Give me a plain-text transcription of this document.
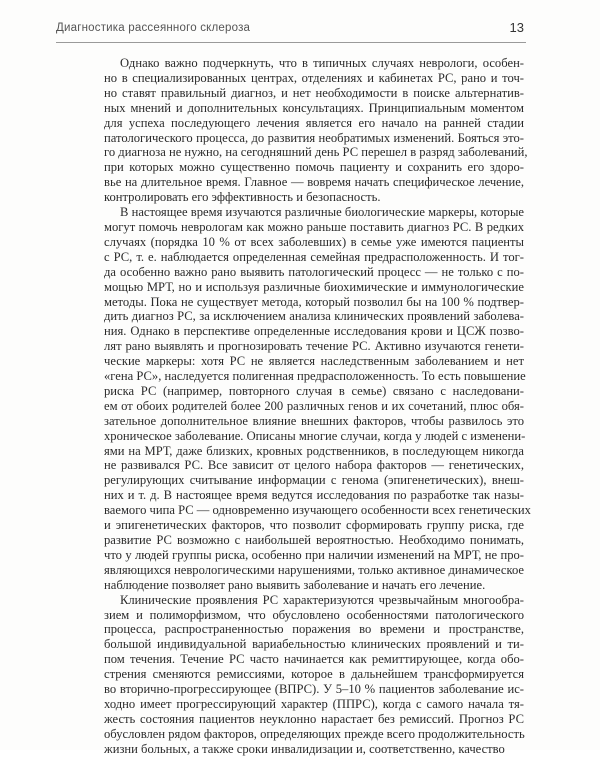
Диагностика рассеянного склероза	13

Однако важно подчеркнуть, что в типичных случаях неврологи, особен-
но в специализированных центрах, отделениях и кабинетах РС, рано и точ-
но ставят правильный диагноз, и нет необходимости в поиске альтернатив-
ных мнений и дополнительных консультациях. Принципиальным моментом
для успеха последующего лечения является его начало на ранней стадии
патологического процесса, до развития необратимых изменений. Бояться это-
го диагноза не нужно, на сегодняшний день РС перешел в разряд заболеваний,
при которых можно существенно помочь пациенту и сохранить его здоро-
вье на длительное время. Главное — вовремя начать специфическое лечение,
контролировать его эффективность и безопасность.

В настоящее время изучаются различные биологические маркеры, которые
могут помочь неврологам как можно раньше поставить диагноз РС. В редких
случаях (порядка 10 % от всех заболевших) в семье уже имеются пациенты
с РС, т. е. наблюдается определенная семейная предрасположенность. И тог-
да особенно важно рано выявить патологический процесс — не только с по-
мощью МРТ, но и используя различные биохимические и иммунологические
методы. Пока не существует метода, который позволил бы на 100 % подтвер-
дить диагноз РС, за исключением анализа клинических проявлений заболева-
ния. Однако в перспективе определенные исследования крови и ЦСЖ позво-
лят рано выявлять и прогнозировать течение РС. Активно изучаются генети-
ческие маркеры: хотя РС не является наследственным заболеванием и нет
«гена РС», наследуется полигенная предрасположенность. То есть повышение
риска РС (например, повторного случая в семье) связано с наследовани-
ем от обоих родителей более 200 различных генов и их сочетаний, плюс обя-
зательное дополнительное влияние внешних факторов, чтобы развилось это
хроническое заболевание. Описаны многие случаи, когда у людей с изменени-
ями на МРТ, даже близких, кровных родственников, в последующем никогда
не развивался РС. Все зависит от целого набора факторов — генетических,
регулирующих считывание информации с генома (эпигенетических), внеш-
них и т. д. В настоящее время ведутся исследования по разработке так назы-
ваемого чипа РС — одновременно изучающего особенности всех генетических
и эпигенетических факторов, что позволит сформировать группу риска, где
развитие РС возможно с наибольшей вероятностью. Необходимо понимать,
что у людей группы риска, особенно при наличии изменений на МРТ, не про-
являющихся неврологическими нарушениями, только активное динамическое
наблюдение позволяет рано выявить заболевание и начать его лечение.

Клинические проявления РС характеризуются чрезвычайным многообра-
зием и полиморфизмом, что обусловлено особенностями патологического
процесса, распространенностью поражения во времени и пространстве,
большой индивидуальной вариабельностью клинических проявлений и ти-
пом течения. Течение РС часто начинается как ремиттирующее, когда обо-
стрения сменяются ремиссиями, которое в дальнейшем трансформируется
во вторично-прогрессирующее (ВПРС). У 5–10 % пациентов заболевание ис-
ходно имеет прогрессирующий характер (ППРС), когда с самого начала тя-
жесть состояния пациентов неуклонно нарастает без ремиссий. Прогноз РС
обусловлен рядом факторов, определяющих прежде всего продолжительность
жизни больных, а также сроки инвалидизации и, соответственно, качество
